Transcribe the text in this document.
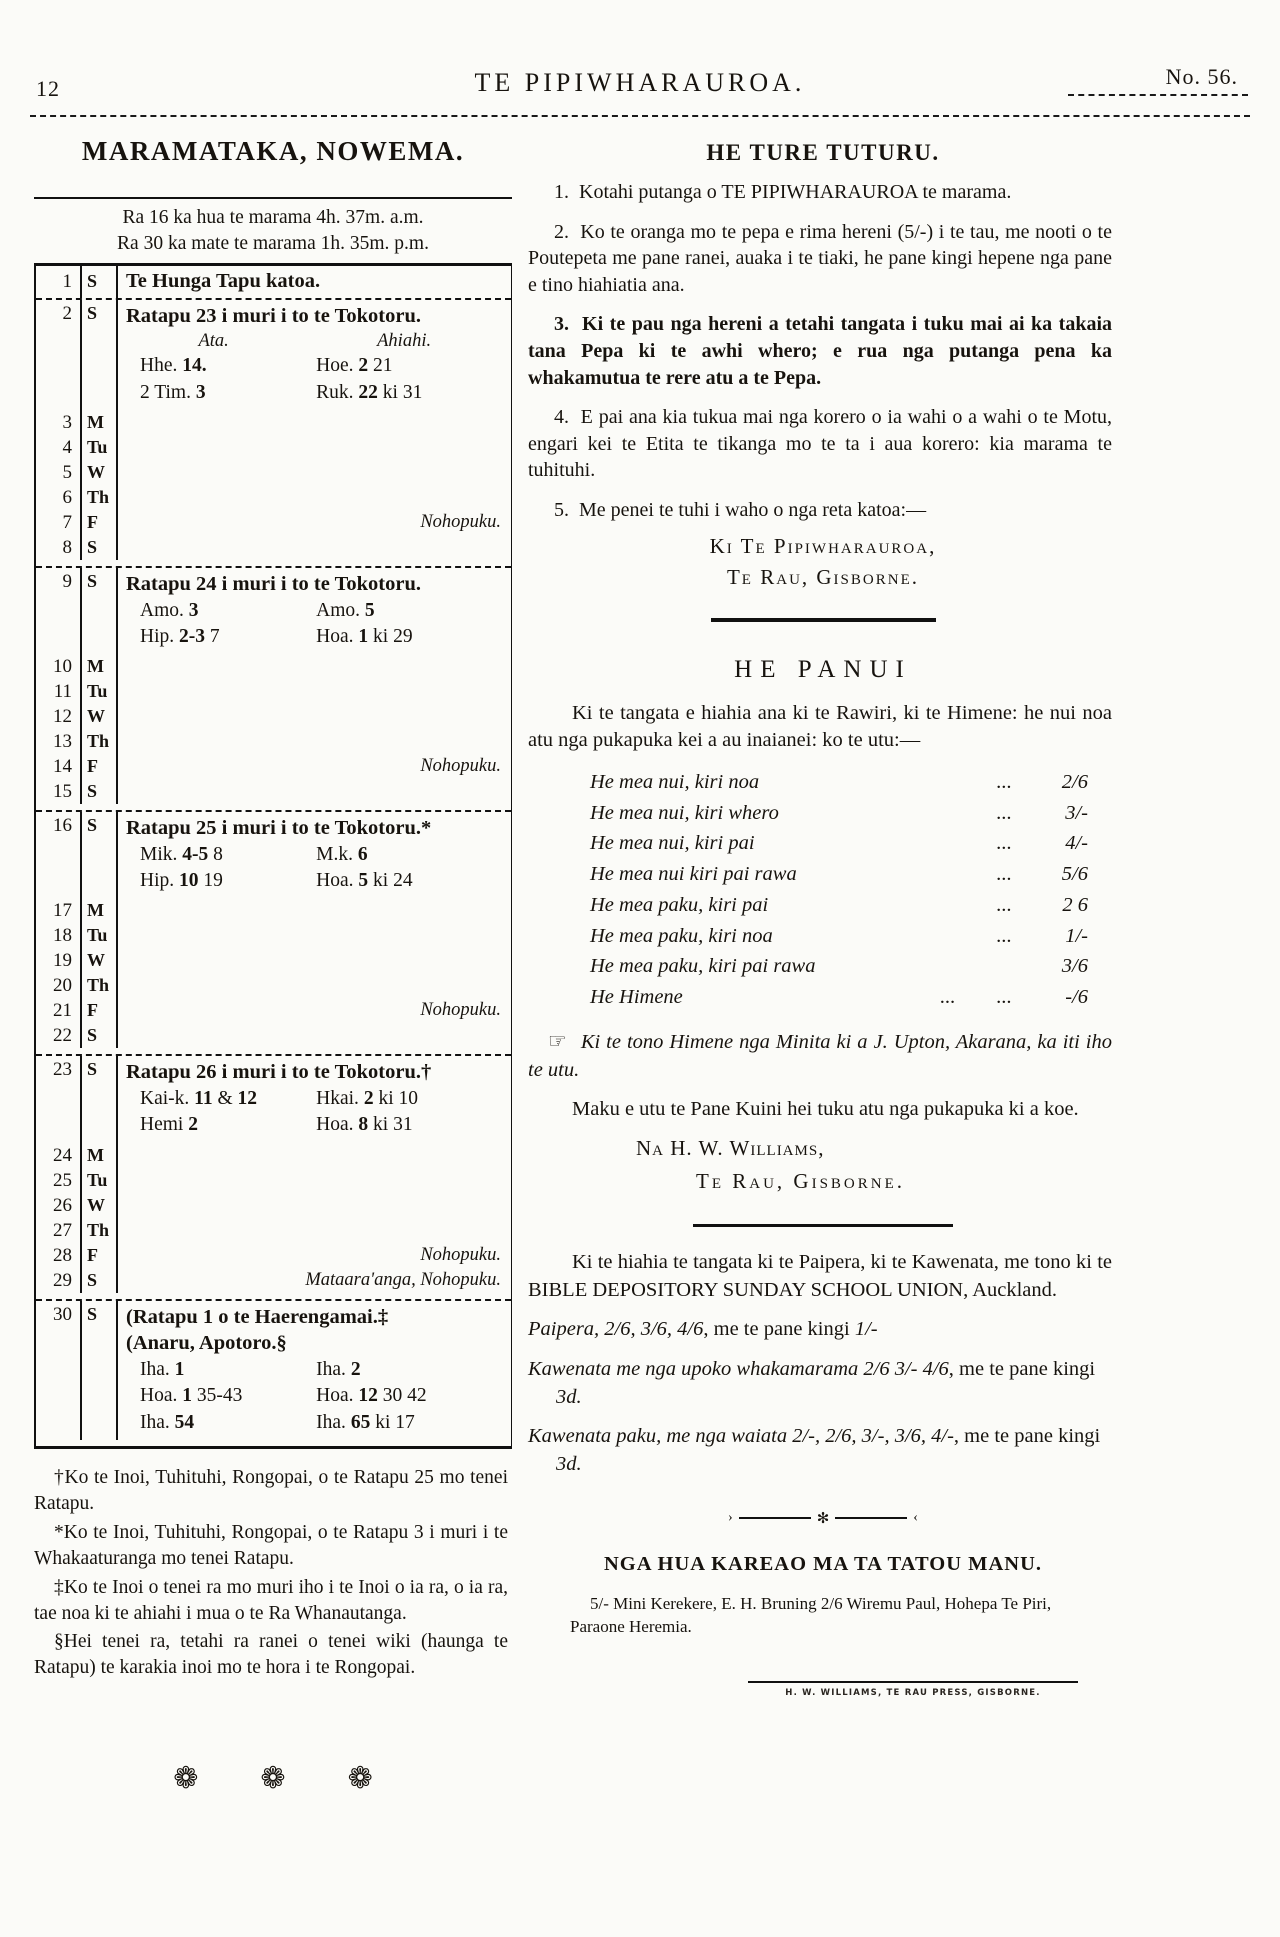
12	TE PIPIWHARAUROA.	No. 56.
MARAMATAKA, NOWEMA.
Ra 16 ka hua te marama 4h. 37m. a.m.
Ra 30 ka mate te marama 1h. 35m. p.m.
1 S	Te Hunga Tapu katoa.
2 S	Ratapu 23 i muri i to te Tokotoru.
Ata.	Ahiahi.
Hhe. 14.	Hoe. 2 21
2 Tim. 3	Ruk. 22 ki 31
3 M
4 Tu
5 W
6 Th
7 F	Nohopuku.
8 S
9 S	Ratapu 24 i muri i to te Tokotoru.
Amo. 3	Amo. 5
Hip. 2-3 7	Hoa. 1 ki 29
10 M
11 Tu
12 W
13 Th
14 F	Nohopuku.
15 S
16 S	Ratapu 25 i muri i to te Tokotoru.*
Mik. 4-5 8	M.k. 6
Hip. 10 19	Hoa. 5 ki 24
17 M
18 Tu
19 W
20 Th
21 F	Nohopuku.
22 S
23 S	Ratapu 26 i muri i to te Tokotoru.†
Kai-k. 11 & 12	Hkai. 2 ki 10
Hemi 2	Hoa. 8 ki 31
24 M
25 Tu
26 W
27 Th
28 F	Nohopuku.
29 S	Mataara'anga, Nohopuku.
30 S	(Ratapu 1 o te Haerengamai.‡
(Anaru, Apotoro.§
Iha. 1	Iha. 2
Hoa. 1 35-43	Hoa. 12 30 42
Iha. 54	Iha. 65 ki 17

†Ko te Inoi, Tuhituhi, Rongopai, o te Ratapu 25 mo tenei Ratapu.

*Ko te Inoi, Tuhituhi, Rongopai, o te Ratapu 3 i muri i te Whakaaturanga mo tenei Ratapu.

‡Ko te Inoi o tenei ra mo muri iho i te Inoi o ia ra, o ia ra, tae noa ki te ahiahi i mua o te Ra Whanautanga.

§Hei tenei ra, tetahi ra ranei o tenei wiki (haunga te Ratapu) te karakia inoi mo te hora i te Rongopai.

❁ ❁ ❁
HE TURE TUTURU.

1. Kotahi putanga o TE PIPIWHARAUROA te marama.

2. Ko te oranga mo te pepa e rima hereni (5/-) i te tau, me nooti o te Poutepeta me pane ranei, auaka i te tiaki, he pane kingi hepene nga pane e tino hiahiatia ana.

3. Ki te pau nga hereni a tetahi tangata i tuku mai ai ka takaia tana Pepa ki te awhi whero; e rua nga putanga pena ka whakamutua te rere atu a te Pepa.

4. E pai ana kia tukua mai nga korero o ia wahi o a wahi o te Motu, engari kei te Etita te tikanga mo te ta i aua korero: kia marama te tuhituhi.

5. Me penei te tuhi i waho o nga reta katoa:—

Ki Te Pipiwharauroa,
Te Rau, Gisborne.
HE PANUI

Ki te tangata e hiahia ana ki te Rawiri, ki te Himene: he nui noa atu nga pukapuka kei a au inaianei: ko te utu:—

He mea nui, kiri noa	...	2/6
He mea nui, kiri whero	...	3/-
He mea nui, kiri pai	...	4/-
He mea nui kiri pai rawa	...	5/6
He mea paku, kiri pai	...	2 6
He mea paku, kiri noa	...	1/-
He mea paku, kiri pai rawa	3/6
He Himene	...        ...	-/6

☞ Ki te tono Himene nga Minita ki a J. Upton, Akarana, ka iti iho te utu.

Maku e utu te Pane Kuini hei tuku atu nga pukapuka ki a koe.

Na H. W. Williams,
Te Rau, Gisborne.

Ki te hiahia te tangata ki te Paipera, ki te Kawenata, me tono ki te BIBLE DEPOSITORY SUNDAY SCHOOL UNION, Auckland.

Paipera, 2/6, 3/6, 4/6, me te pane kingi 1/-

Kawenata me nga upoko whakamarama 2/6 3/- 4/6, me te pane kingi 3d.

Kawenata paku, me nga waiata 2/-, 2/6, 3/-, 3/6, 4/-, me te pane kingi 3d.

›	✻	‹
NGA HUA KAREAO MA TA TATOU MANU.

5/- Mini Kerekere, E. H. Bruning 2/6 Wiremu Paul, Hohepa Te Piri, Paraone Heremia.

H. W. WILLIAMS, TE RAU PRESS, GISBORNE.
